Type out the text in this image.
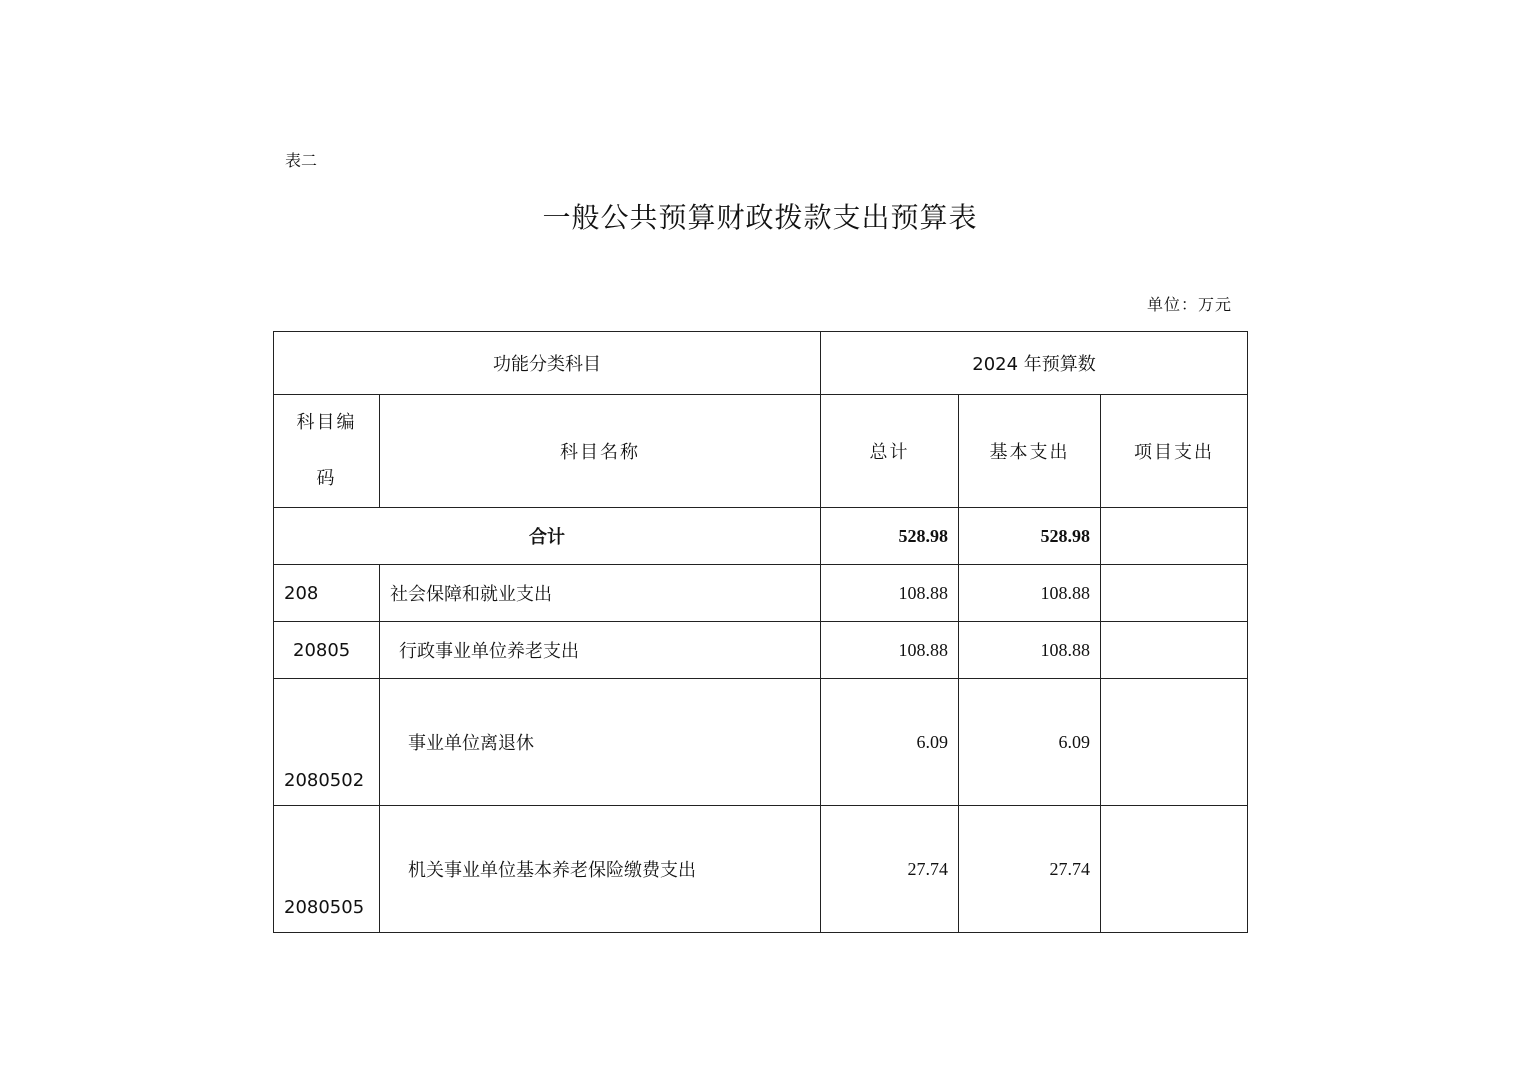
表二
一般公共预算财政拨款支出预算表
单位：万元
功能分类科目		2024 年预算数		

科目编
码	科目名称	总计	基本支出	项目支出
合计		528.98	528.98	
208	社会保障和就业支出	108.88	108.88	
20805	行政事业单位养老支出	108.88	108.88	
2080502	事业单位离退休	6.09	6.09	
2080505	机关事业单位基本养老保险缴费支出	27.74	27.74	
